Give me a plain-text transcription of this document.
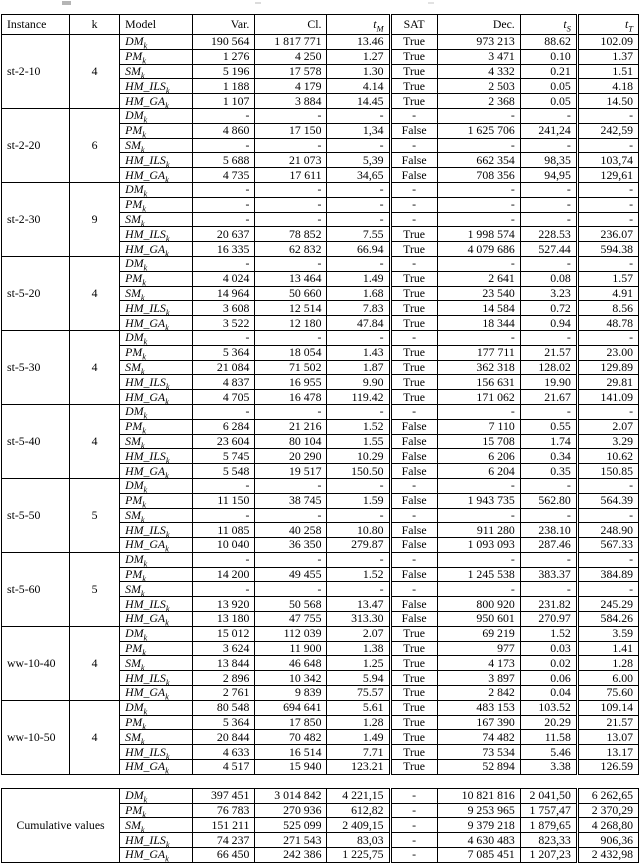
Instance	k	Model	Var.	Cl.	$t_M$	SAT	Dec.	$t_S$	$t_T$
st-2-10	4	$DM_k$	190 564	1 817 771	13.46	True	973 213	88.62	102.09
		$PM_k$	1 276	4 250	1.27	True	3 471	0.10	1.37
		$SM_k$	5 196	17 578	1.30	True	4 332	0.21	1.51
		$HM\_ILS_k$	1 188	4 179	4.14	True	2 503	0.05	4.18
		$HM\_GA_k$	1 107	3 884	14.45	True	2 368	0.05	14.50
st-2-20	6	$DM_k$	-	-	-	-	-	-	-
		$PM_k$	4 860	17 150	1,34	False	1 625 706	241,24	242,59
		$SM_k$	-	-	-	-	-	-	-
		$HM\_ILS_k$	5 688	21 073	5,39	False	662 354	98,35	103,74
		$HM\_GA_k$	4 735	17 611	34,65	False	708 356	94,95	129,61
st-2-30	9	$DM_k$	-	-	-	-	-	-	-
		$PM_k$	-	-	-	-	-	-	-
		$SM_k$	-	-	-	-	-	-	-
		$HM\_ILS_k$	20 637	78 852	7.55	True	1 998 574	228.53	236.07
		$HM\_GA_k$	16 335	62 832	66.94	True	4 079 686	527.44	594.38
st-5-20	4	$DM_k$	-	-	-	-	-	-	-
		$PM_k$	4 024	13 464	1.49	True	2 641	0.08	1.57
		$SM_k$	14 964	50 660	1.68	True	23 540	3.23	4.91
		$HM\_ILS_k$	3 608	12 514	7.83	True	14 584	0.72	8.56
		$HM\_GA_k$	3 522	12 180	47.84	True	18 344	0.94	48.78
st-5-30	4	$DM_k$	-	-	-	-	-	-	-
		$PM_k$	5 364	18 054	1.43	True	177 711	21.57	23.00
		$SM_k$	21 084	71 502	1.87	True	362 318	128.02	129.89
		$HM\_ILS_k$	4 837	16 955	9.90	True	156 631	19.90	29.81
		$HM\_GA_k$	4 705	16 478	119.42	True	171 062	21.67	141.09
st-5-40	4	$DM_k$	-	-	-	-	-	-	-
		$PM_k$	6 284	21 216	1.52	False	7 110	0.55	2.07
		$SM_k$	23 604	80 104	1.55	False	15 708	1.74	3.29
		$HM\_ILS_k$	5 745	20 290	10.29	False	6 206	0.34	10.62
		$HM\_GA_k$	5 548	19 517	150.50	False	6 204	0.35	150.85
st-5-50	5	$DM_k$	-	-	-	-	-	-	-
		$PM_k$	11 150	38 745	1.59	False	1 943 735	562.80	564.39
		$SM_k$	-	-	-	-	-	-	-
		$HM\_ILS_k$	11 085	40 258	10.80	False	911 280	238.10	248.90
		$HM\_GA_k$	10 040	36 350	279.87	False	1 093 093	287.46	567.33
st-5-60	5	$DM_k$	-	-	-	-	-	-	-
		$PM_k$	14 200	49 455	1.52	False	1 245 538	383.37	384.89
		$SM_k$	-	-	-	-	-	-	-
		$HM\_ILS_k$	13 920	50 568	13.47	False	800 920	231.82	245.29
		$HM\_GA_k$	13 180	47 755	313.30	False	950 601	270.97	584.26
ww-10-40	4	$DM_k$	15 012	112 039	2.07	True	69 219	1.52	3.59
		$PM_k$	3 624	11 900	1.38	True	977	0.03	1.41
		$SM_k$	13 844	46 648	1.25	True	4 173	0.02	1.28
		$HM\_ILS_k$	2 896	10 342	5.94	True	3 897	0.06	6.00
		$HM\_GA_k$	2 761	9 839	75.57	True	2 842	0.04	75.60
ww-10-50	4	$DM_k$	80 548	694 641	5.61	True	483 153	103.52	109.14
		$PM_k$	5 364	17 850	1.28	True	167 390	20.29	21.57
		$SM_k$	20 844	70 482	1.49	True	74 482	11.58	13.07
		$HM\_ILS_k$	4 633	16 514	7.71	True	73 534	5.46	13.17
		$HM\_GA_k$	4 517	15 940	123.21	True	52 894	3.38	126.59
Cumulative values	$DM_k$	397 451	3 014 842	4 221,15	-	10 821 816	2 041,50	6 262,65
	$PM_k$	76 783	270 936	612,82	-	9 253 965	1 757,47	2 370,29
	$SM_k$	151 211	525 099	2 409,15	-	9 379 218	1 879,65	4 268,80
	$HM\_ILS_k$	74 237	271 543	83,03	-	4 630 483	823,33	906,36
	$HM\_GA_k$	66 450	242 386	1 225,75	-	7 085 451	1 207,23	2 432,98
